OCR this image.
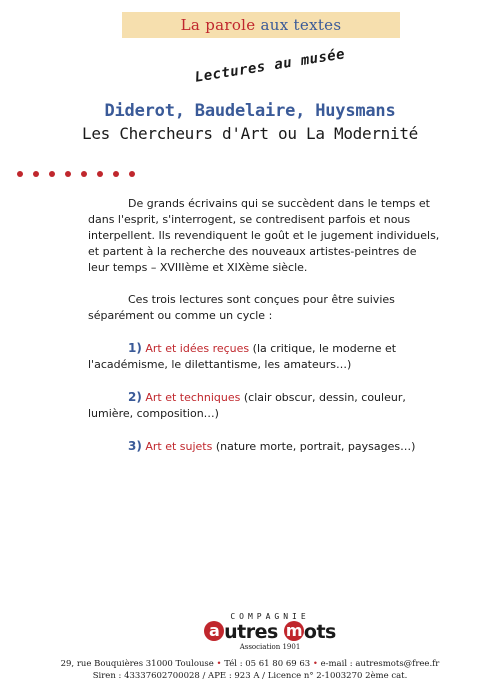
La parole aux textes
Lectures au musée
Diderot, Baudelaire, Huysmans
Les Chercheurs d'Art ou La Modernité

De grands écrivains qui se succèdent dans le temps et dans l'esprit, s'interrogent, se contredisent parfois et nous interpellent. Ils revendiquent le goût et le jugement individuels, et partent à la recherche des nouveaux artistes-peintres de leur temps – XVIIIème et XIXème siècle.

Ces trois lectures sont conçues pour être suivies séparément ou comme un cycle :

1) Art et idées reçues (la critique, le moderne et l'académisme, le dilettantisme, les amateurs…)

2) Art et techniques (clair obscur, dessin, couleur, lumière, composition…)

3) Art et sujets (nature morte, portrait, paysages…)

COMPAGNIE
a utres m ots
Association 1901
29, rue Bouquières 31000 Toulouse • Tél : 05 61 80 69 63 • e-mail : autresmots@free.fr
Siren : 43337602700028 / APE : 923 A / Licence n° 2-1003270 2ème cat.
